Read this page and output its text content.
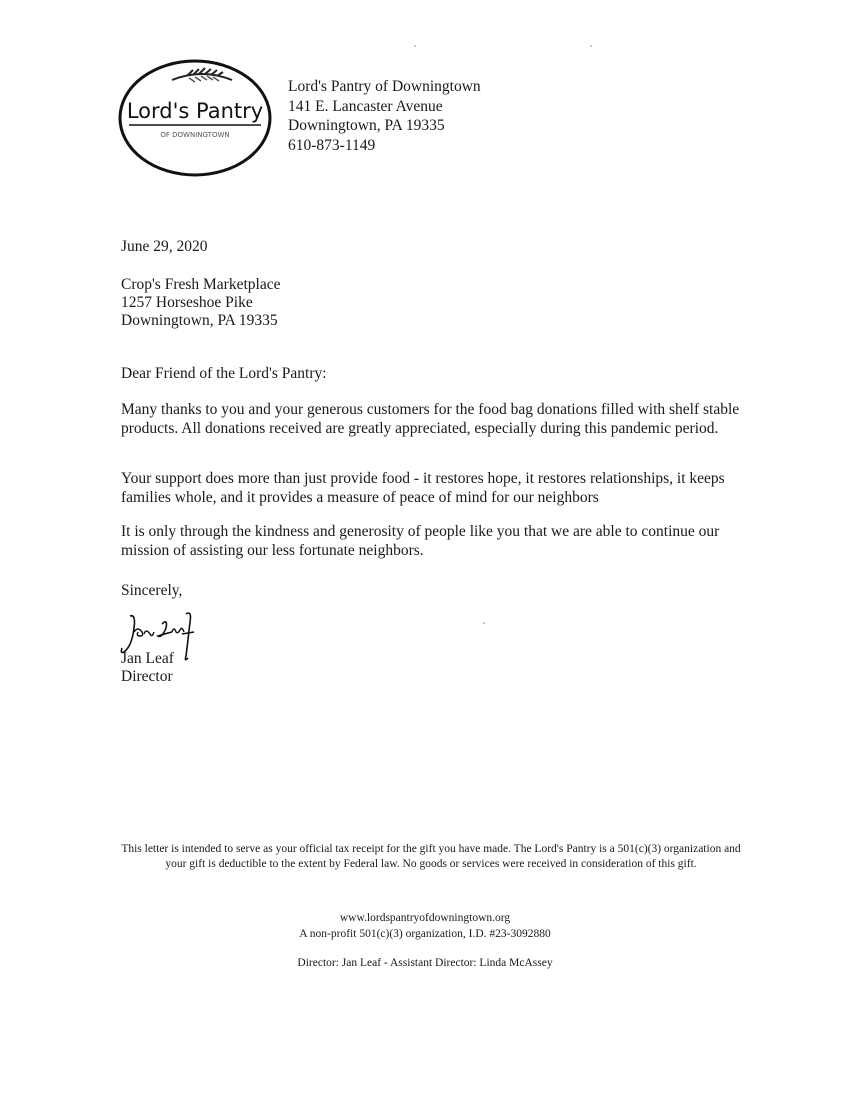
Lord's Pantry
OF DOWNINGTOWN
Lord's Pantry of Downingtown
141 E. Lancaster Avenue
Downingtown, PA 19335
610-873-1149
June 29, 2020
Crop's Fresh Marketplace
1257 Horseshoe Pike
Downingtown, PA 19335
Dear Friend of the Lord's Pantry:
Many thanks to you and your generous customers for the food bag donations filled with shelf stable products. All donations received are greatly appreciated, especially during this pandemic period.
Your support does more than just provide food - it restores hope, it restores relationships, it keeps families whole, and it provides a measure of peace of mind for our neighbors
It is only through the kindness and generosity of people like you that we are able to continue our mission of assisting our less fortunate neighbors.
Sincerely,
Jan Leaf
Director
This letter is intended to serve as your official tax receipt for the gift you have made. The Lord's Pantry is a 501(c)(3) organization and your gift is deductible to the extent by Federal law. No goods or services were received in consideration of this gift.
www.lordspantryofdowningtown.org
A non-profit 501(c)(3) organization, I.D. #23-3092880
Director: Jan Leaf - Assistant Director: Linda McAssey
